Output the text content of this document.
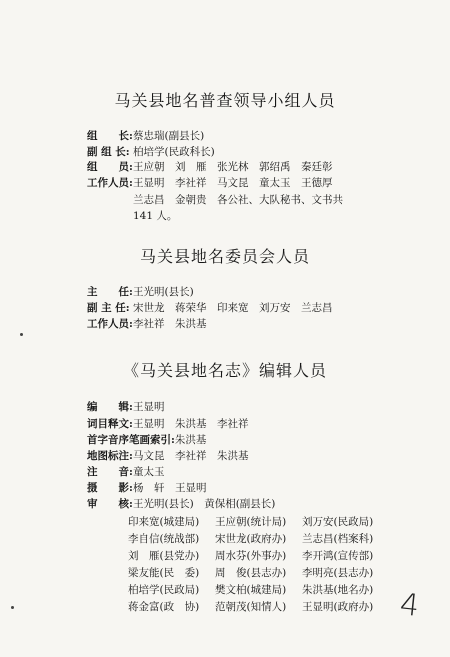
马关县地名普查领导小组人员
组　　长:蔡忠瑞(副县长)
副 组 长: 柏培学(民政科长)
组　　员:王应朝　刘　雁　张光林　郭绍禹　秦廷彰
工作人员:王显明　李社祥　马文昆　童太玉　王德厚
兰志昌　金朝贵　各公社、大队秘书、文书共
141 人。
马关县地名委员会人员
主　　任:王光明(县长)
副 主 任: 宋世龙　蒋荣华　印来宽　刘万安　兰志昌
工作人员:李社祥　朱洪基
《马关县地名志》编辑人员
编　　辑:王显明
词目释文:王显明　朱洪基　李社祥
首字音序笔画索引:朱洪基
地图标注:马文昆　李社祥　朱洪基
注　　音:童太玉
摄　　影:杨　轩　王显明
审　　核:王光明(县长)　黄保相(副县长)
印来宽(城建局) 王应朝(统计局) 刘万安(民政局)
李自信(统战部) 宋世龙(政府办) 兰志昌(档案科)
刘　雁(县党办) 周水芬(外事办) 李开鸿(宣传部)
梁友能(民　委) 周　俊(县志办) 李明亮(县志办)
柏培学(民政局) 樊文柏(城建局) 朱洪基(地名办)
蒋金富(政　协) 范朝茂(知情人) 王显明(政府办) 4
